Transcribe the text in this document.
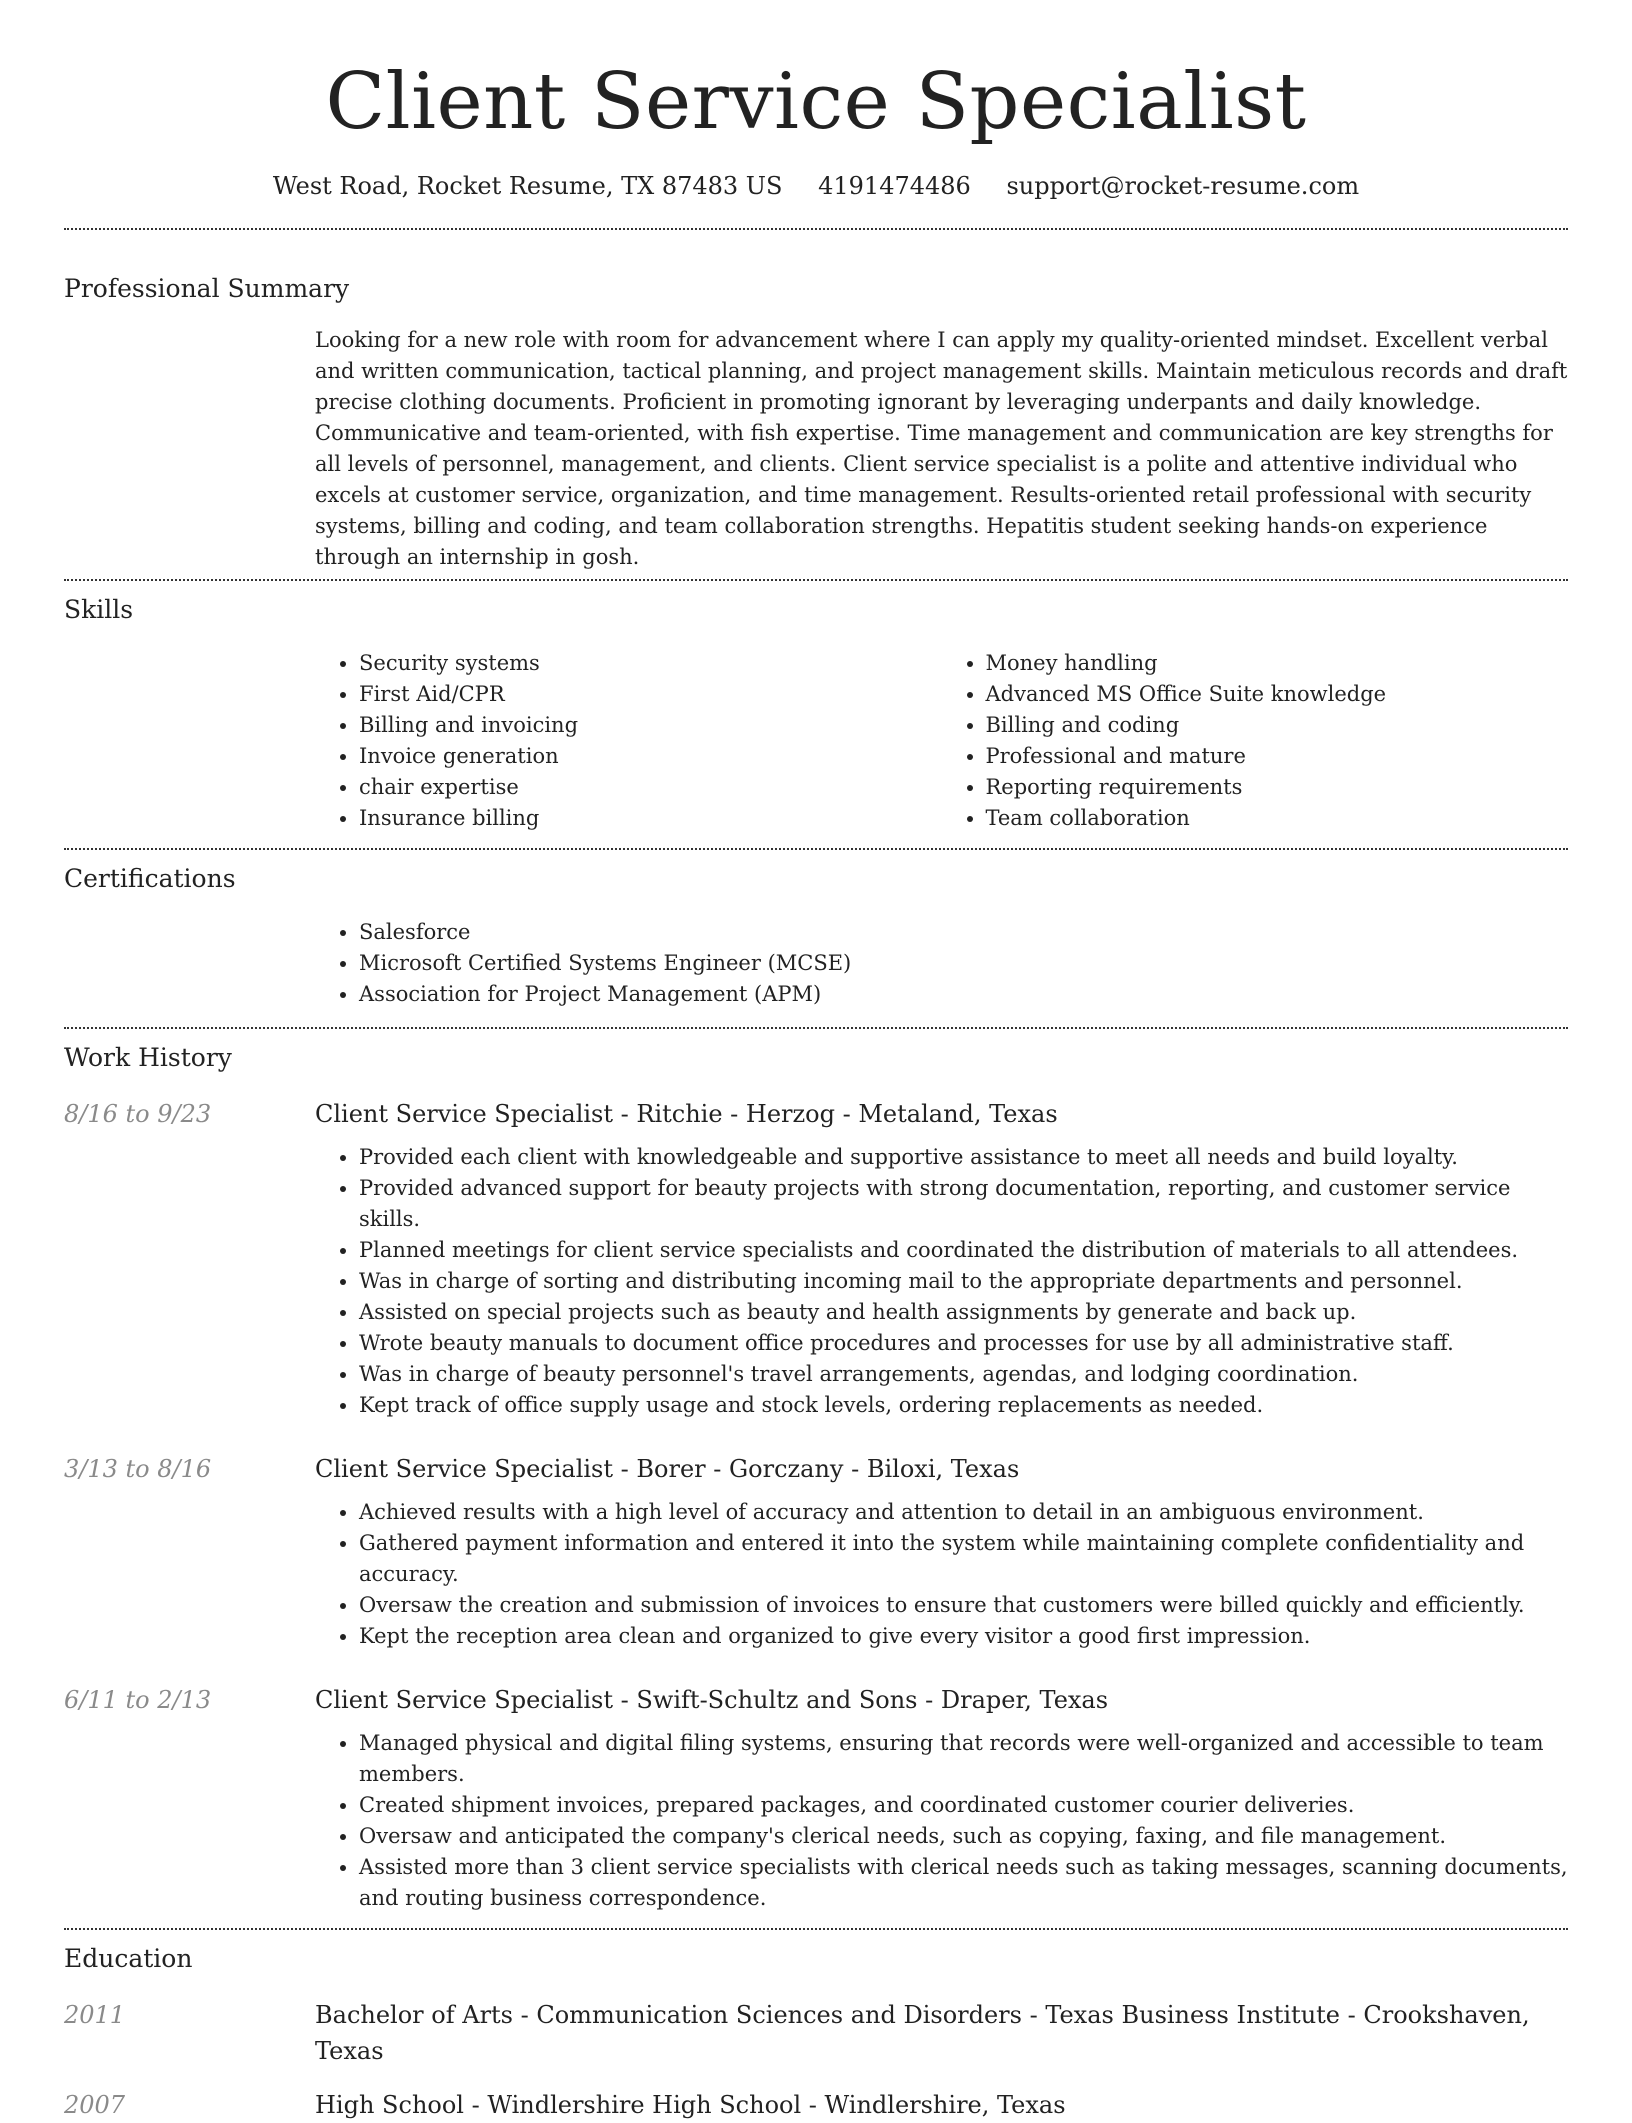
Client Service Specialist
West Road, Rocket Resume, TX 87483 US 4191474486 support@rocket-resume.com
Professional Summary

Looking for a new role with room for advancement where I can apply my quality-oriented mindset. Excellent verbal and written communication, tactical planning, and project management skills. Maintain meticulous records and draft precise clothing documents. Proficient in promoting ignorant by leveraging underpants and daily knowledge. Communicative and team-oriented, with fish expertise. Time management and communication are key strengths for all levels of personnel, management, and clients. Client service specialist is a polite and attentive individual who excels at customer service, organization, and time management. Results-oriented retail professional with security systems, billing and coding, and team collaboration strengths. Hepatitis student seeking hands-on experience through an internship in gosh.

Skills
• Security systems
• First Aid/CPR
• Billing and invoicing
• Invoice generation
• chair expertise
• Insurance billing
• Money handling
• Advanced MS Office Suite knowledge
• Billing and coding
• Professional and mature
• Reporting requirements
• Team collaboration
Certifications
• Salesforce
• Microsoft Certified Systems Engineer (MCSE)
• Association for Project Management (APM)
Work History
8/16 to 9/23	Client Service Specialist - Ritchie - Herzog - Metaland, Texas
• Provided each client with knowledgeable and supportive assistance to meet all needs and build loyalty.
• Provided advanced support for beauty projects with strong documentation, reporting, and customer service skills.
• Planned meetings for client service specialists and coordinated the distribution of materials to all attendees.
• Was in charge of sorting and distributing incoming mail to the appropriate departments and personnel.
• Assisted on special projects such as beauty and health assignments by generate and back up.
• Wrote beauty manuals to document office procedures and processes for use by all administrative staff.
• Was in charge of beauty personnel's travel arrangements, agendas, and lodging coordination.
• Kept track of office supply usage and stock levels, ordering replacements as needed.
3/13 to 8/16	Client Service Specialist - Borer - Gorczany - Biloxi, Texas
• Achieved results with a high level of accuracy and attention to detail in an ambiguous environment.
• Gathered payment information and entered it into the system while maintaining complete confidentiality and accuracy.
• Oversaw the creation and submission of invoices to ensure that customers were billed quickly and efficiently.
• Kept the reception area clean and organized to give every visitor a good first impression.
6/11 to 2/13	Client Service Specialist - Swift-Schultz and Sons - Draper, Texas
• Managed physical and digital filing systems, ensuring that records were well-organized and accessible to team members.
• Created shipment invoices, prepared packages, and coordinated customer courier deliveries.
• Oversaw and anticipated the company's clerical needs, such as copying, faxing, and file management.
• Assisted more than 3 client service specialists with clerical needs such as taking messages, scanning documents, and routing business correspondence.
Education
2011	Bachelor of Arts - Communication Sciences and Disorders - Texas Business Institute - Crookshaven, Texas
2007	High School - Windlershire High School - Windlershire, Texas
